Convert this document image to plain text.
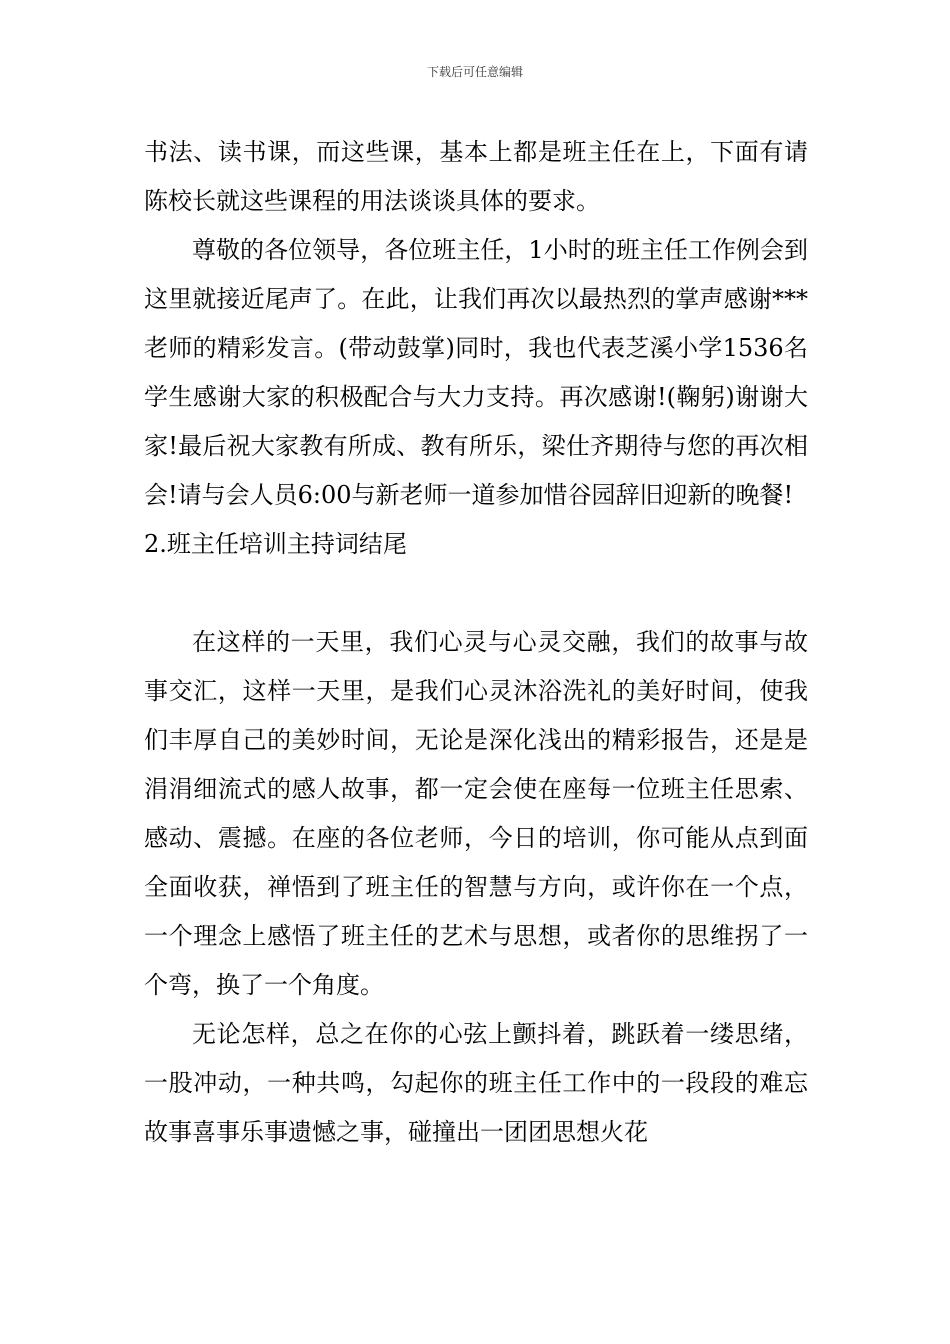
下载后可任意编辑

书法、读书课，而这些课，基本上都是班主任在上，下面有请陈校长就这些课程的用法谈谈具体的要求。

尊敬的各位领导，各位班主任，1小时的班主任工作例会到这里就接近尾声了。在此，让我们再次以最热烈的掌声感谢***老师的精彩发言。(带动鼓掌)同时，我也代表芝溪小学1536名学生感谢大家的积极配合与大力支持。再次感谢!(鞠躬)谢谢大家!最后祝大家教有所成、教有所乐，梁仕齐期待与您的再次相会!请与会人员6:00与新老师一道参加惜谷园辞旧迎新的晚餐!

2.班主任培训主持词结尾

在这样的一天里，我们心灵与心灵交融，我们的故事与故事交汇，这样一天里，是我们心灵沐浴洗礼的美好时间，使我们丰厚自己的美妙时间，无论是深化浅出的精彩报告，还是是涓涓细流式的感人故事，都一定会使在座每一位班主任思索、感动、震撼。在座的各位老师，今日的培训，你可能从点到面全面收获，禅悟到了班主任的智慧与方向，或许你在一个点，一个理念上感悟了班主任的艺术与思想，或者你的思维拐了一个弯，换了一个角度。

无论怎样，总之在你的心弦上颤抖着，跳跃着一缕思绪，一股冲动，一种共鸣，勾起你的班主任工作中的一段段的难忘故事喜事乐事遗憾之事，碰撞出一团团思想火花
